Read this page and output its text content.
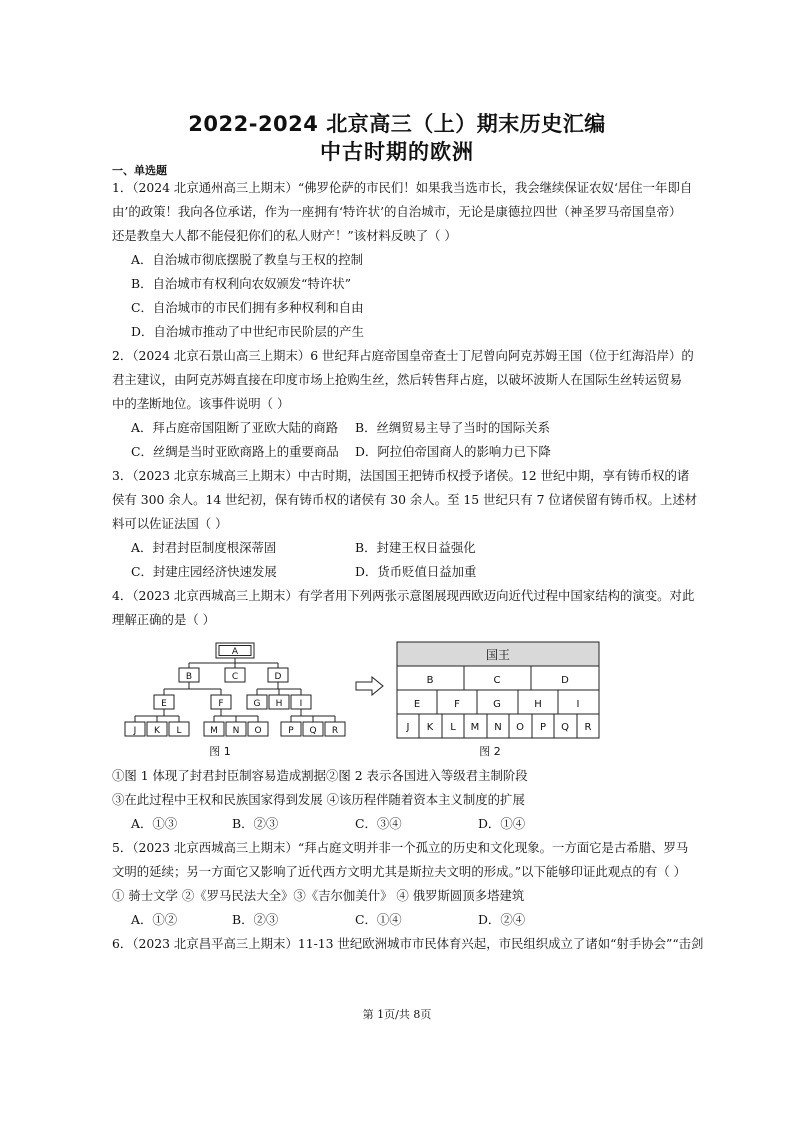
2022-2024 北京高三（上）期末历史汇编
中古时期的欧洲
一、单选题
1．（2024 北京通州高三上期末）“佛罗伦萨的市民们！如果我当选市长，我会继续保证农奴‘居住一年即自
由’的政策！我向各位承诺，作为一座拥有‘特许状’的自治城市，无论是康德拉四世（神圣罗马帝国皇帝）
还是教皇大人都不能侵犯你们的私人财产！”该材料反映了（ ）
A．自治城市彻底摆脱了教皇与王权的控制
B．自治城市有权利向农奴颁发“特许状”
C．自治城市的市民们拥有多种权利和自由
D．自治城市推动了中世纪市民阶层的产生
2．（2024 北京石景山高三上期末）6 世纪拜占庭帝国皇帝查士丁尼曾向阿克苏姆王国（位于红海沿岸）的
君主建议，由阿克苏姆直接在印度市场上抢购生丝，然后转售拜占庭，以破坏波斯人在国际生丝转运贸易
中的垄断地位。该事件说明（ ）
A．拜占庭帝国阻断了亚欧大陆的商路 B．丝绸贸易主导了当时的国际关系
C．丝绸是当时亚欧商路上的重要商品 D．阿拉伯帝国商人的影响力已下降
3．（2023 北京东城高三上期末）中古时期，法国国王把铸币权授予诸侯。12 世纪中期，享有铸币权的诸
侯有 300 余人。14 世纪初，保有铸币权的诸侯有 30 余人。至 15 世纪只有 7 位诸侯留有铸币权。上述材
料可以佐证法国（ ）
A．封君封臣制度根深蒂固	B．封建王权日益强化
C．封建庄园经济快速发展	D．货币贬值日益加重
4．（2023 北京西城高三上期末）有学者用下列两张示意图展现西欧迈向近代过程中国家结构的演变。对此
理解正确的是（ ）
A
B	C	D
E	F	G H I
J K L	M N O	P Q R
图 1
国王
B	C	D
E	F	G	H	I
J K L M N O P Q R
图 2
①图 1 体现了封君封臣制容易造成割据②图 2 表示各国进入等级君主制阶段
③在此过程中王权和民族国家得到发展 ④该历程伴随着资本主义制度的扩展
A．①③	B．②③	C．③④	D．①④
5．（2023 北京西城高三上期末）“拜占庭文明并非一个孤立的历史和文化现象。一方面它是古希腊、罗马
文明的延续；另一方面它又影响了近代西方文明尤其是斯拉夫文明的形成。”以下能够印证此观点的有（ ）
① 骑士文学 ②《罗马民法大全》③《吉尔伽美什》 ④ 俄罗斯圆顶多塔建筑
A．①②	B．②③	C．①④	D．②④
6．（2023 北京昌平高三上期末）11-13 世纪欧洲城市市民体育兴起，市民组织成立了诸如“射手协会”“击剑
第 1页/共 8页
